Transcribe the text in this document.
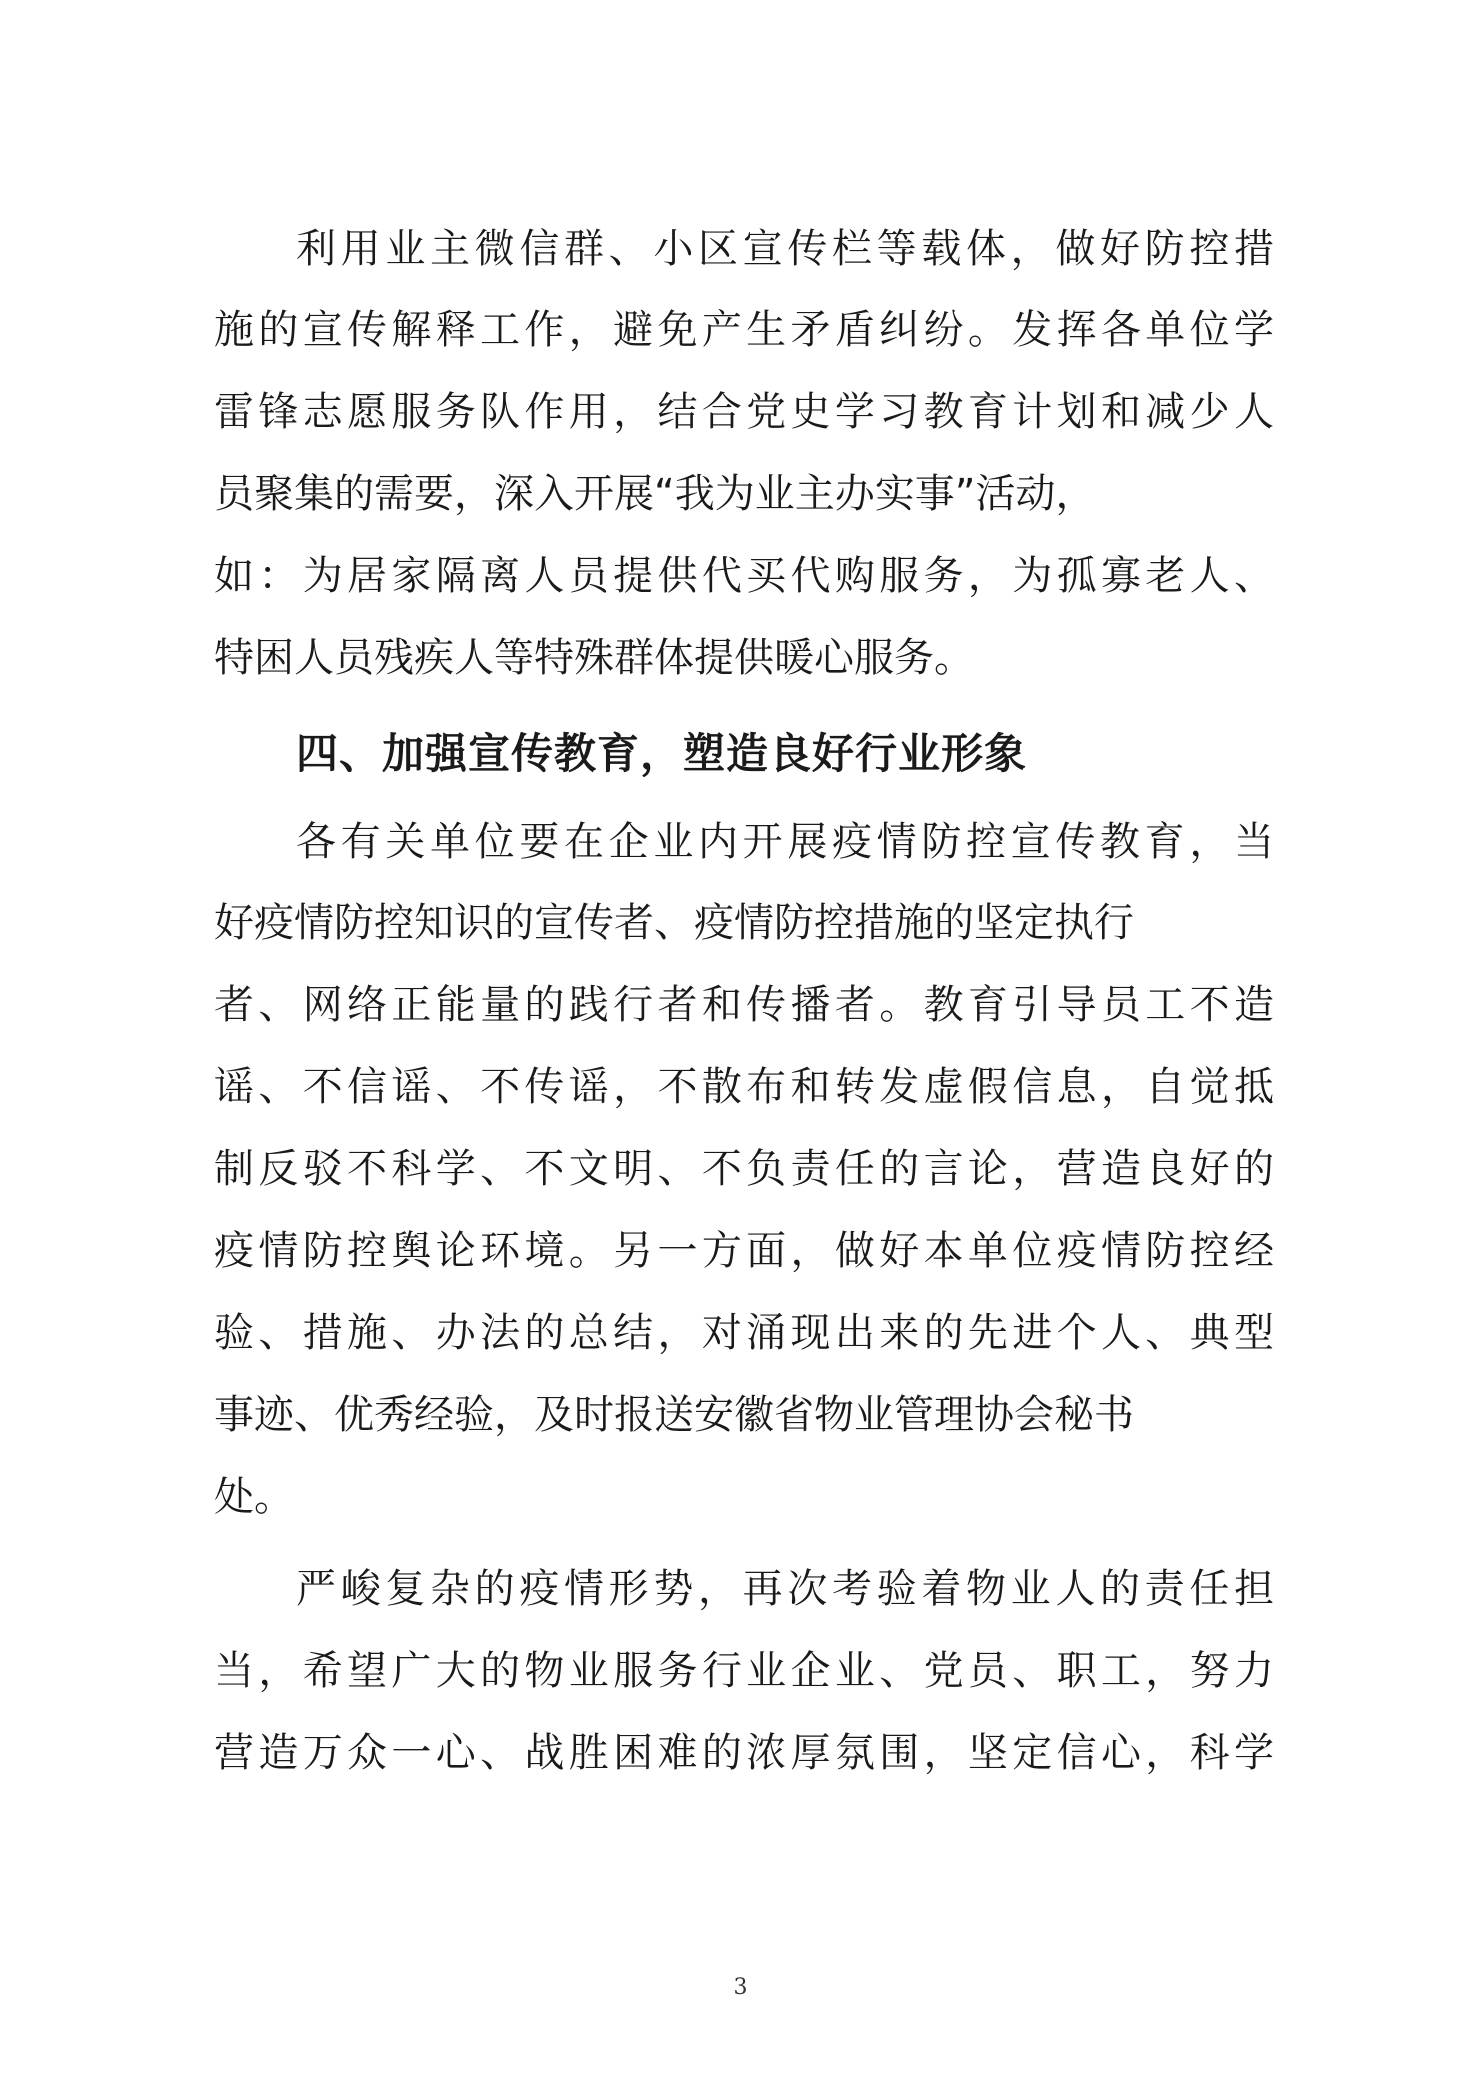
利用业主微信群、小区宣传栏等载体，做好防控措
施的宣传解释工作，避免产生矛盾纠纷。发挥各单位学
雷锋志愿服务队作用，结合党史学习教育计划和减少人
员聚集的需要，深入开展“我为业主办实事”活动，
如：为居家隔离人员提供代买代购服务，为孤寡老人、
特困人员残疾人等特殊群体提供暖心服务。
四、加强宣传教育，塑造良好行业形象
各有关单位要在企业内开展疫情防控宣传教育，当
好疫情防控知识的宣传者、疫情防控措施的坚定执行
者、网络正能量的践行者和传播者。教育引导员工不造
谣、不信谣、不传谣，不散布和转发虚假信息，自觉抵
制反驳不科学、不文明、不负责任的言论，营造良好的
疫情防控舆论环境。另一方面，做好本单位疫情防控经
验、措施、办法的总结，对涌现出来的先进个人、典型
事迹、优秀经验，及时报送安徽省物业管理协会秘书
处。
严峻复杂的疫情形势，再次考验着物业人的责任担
当，希望广大的物业服务行业企业、党员、职工，努力
营造万众一心、战胜困难的浓厚氛围，坚定信心，科学
3
